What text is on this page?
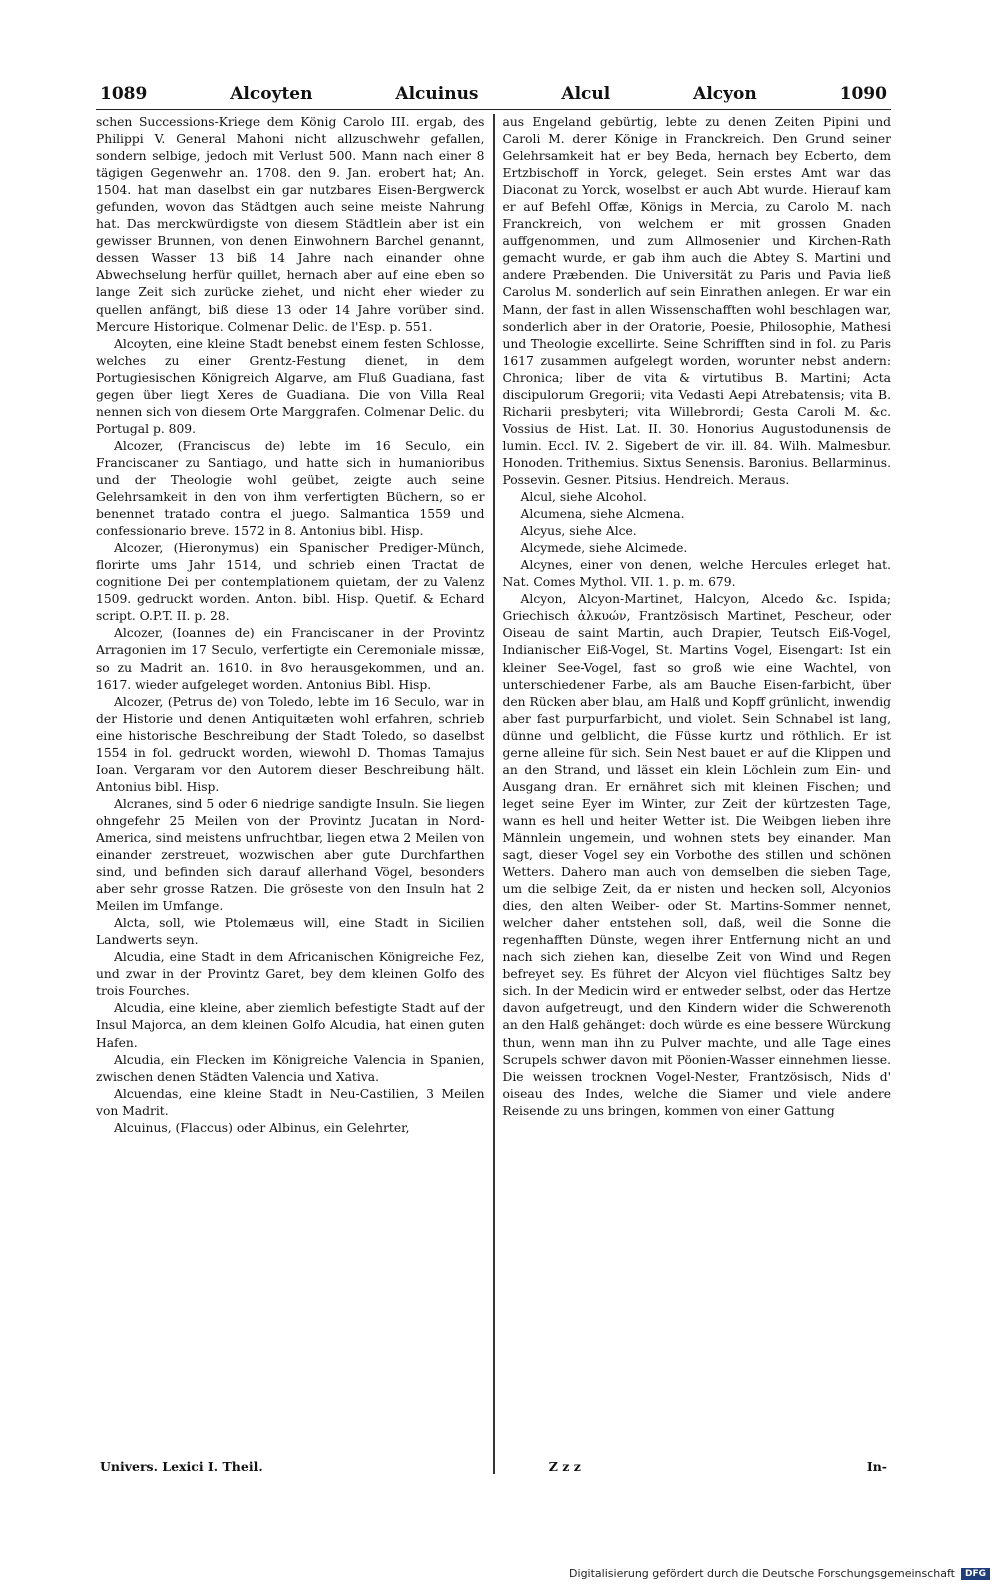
1089	Alcoyten	Alcuinus	Alcul	Alcyon	1090

schen Successions-Kriege dem König Carolo III. ergab, des Philippi V. General Mahoni nicht allzuschwehr gefallen, sondern selbige, jedoch mit Verlust 500. Mann nach einer 8 tägigen Gegenwehr an. 1708. den 9. Jan. erobert hat; An. 1504. hat man daselbst ein gar nutzbares Eisen-Bergwerck gefunden, wovon das Städtgen auch seine meiste Nahrung hat. Das merckwürdigste von diesem Städtlein aber ist ein gewisser Brunnen, von denen Einwohnern Barchel genannt, dessen Wasser 13 biß 14 Jahre nach einander ohne Abwechselung herfür quillet, hernach aber auf eine eben so lange Zeit sich zurücke ziehet, und nicht eher wieder zu quellen anfängt, biß diese 13 oder 14 Jahre vorüber sind. Mercure Historique. Colmenar Delic. de l'Esp. p. 551.

Alcoyten, eine kleine Stadt benebst einem festen Schlosse, welches zu einer Grentz-Festung dienet, in dem Portugiesischen Königreich Algarve, am Fluß Guadiana, fast gegen über liegt Xeres de Guadiana. Die von Villa Real nennen sich von diesem Orte Marggrafen. Colmenar Delic. du Portugal p. 809.

Alcozer, (Franciscus de) lebte im 16 Seculo, ein Franciscaner zu Santiago, und hatte sich in humanioribus und der Theologie wohl geübet, zeigte auch seine Gelehrsamkeit in den von ihm verfertigten Büchern, so er benennet tratado contra el juego. Salmantica 1559 und confessionario breve. 1572 in 8. Antonius bibl. Hisp.

Alcozer, (Hieronymus) ein Spanischer Prediger-Münch, florirte ums Jahr 1514, und schrieb einen Tractat de cognitione Dei per contemplationem quietam, der zu Valenz 1509. gedruckt worden. Anton. bibl. Hisp. Quetif. & Echard script. O.P.T. II. p. 28.

Alcozer, (Ioannes de) ein Franciscaner in der Provintz Arragonien im 17 Seculo, verfertigte ein Ceremoniale missæ, so zu Madrit an. 1610. in 8vo herausgekommen, und an. 1617. wieder aufgeleget worden. Antonius Bibl. Hisp.

Alcozer, (Petrus de) von Toledo, lebte im 16 Seculo, war in der Historie und denen Antiquitæten wohl erfahren, schrieb eine historische Beschreibung der Stadt Toledo, so daselbst 1554 in fol. gedruckt worden, wiewohl D. Thomas Tamajus Ioan. Vergaram vor den Autorem dieser Beschreibung hält. Antonius bibl. Hisp.

Alcranes, sind 5 oder 6 niedrige sandigte Insuln. Sie liegen ohngefehr 25 Meilen von der Provintz Jucatan in Nord-America, sind meistens unfruchtbar, liegen etwa 2 Meilen von einander zerstreuet, wozwischen aber gute Durchfarthen sind, und befinden sich darauf allerhand Vögel, besonders aber sehr grosse Ratzen. Die gröseste von den Insuln hat 2 Meilen im Umfange.

Alcta, soll, wie Ptolemæus will, eine Stadt in Sicilien Landwerts seyn.

Alcudia, eine Stadt in dem Africanischen Königreiche Fez, und zwar in der Provintz Garet, bey dem kleinen Golfo des trois Fourches.

Alcudia, eine kleine, aber ziemlich befestigte Stadt auf der Insul Majorca, an dem kleinen Golfo Alcudia, hat einen guten Hafen.

Alcudia, ein Flecken im Königreiche Valencia in Spanien, zwischen denen Städten Valencia und Xativa.

Alcuendas, eine kleine Stadt in Neu-Castilien, 3 Meilen von Madrit.

Alcuinus, (Flaccus) oder Albinus, ein Gelehrter,

aus Engeland gebürtig, lebte zu denen Zeiten Pipini und Caroli M. derer Könige in Franckreich. Den Grund seiner Gelehrsamkeit hat er bey Beda, hernach bey Ecberto, dem Ertzbischoff in Yorck, geleget. Sein erstes Amt war das Diaconat zu Yorck, woselbst er auch Abt wurde. Hierauf kam er auf Befehl Offæ, Königs in Mercia, zu Carolo M. nach Franckreich, von welchem er mit grossen Gnaden auffgenommen, und zum Allmosenier und Kirchen-Rath gemacht wurde, er gab ihm auch die Abtey S. Martini und andere Præbenden. Die Universität zu Paris und Pavia ließ Carolus M. sonderlich auf sein Einrathen anlegen. Er war ein Mann, der fast in allen Wissenschafften wohl beschlagen war, sonderlich aber in der Oratorie, Poesie, Philosophie, Mathesi und Theologie excellirte. Seine Schrifften sind in fol. zu Paris 1617 zusammen aufgelegt worden, worunter nebst andern: Chronica; liber de vita & virtutibus B. Martini; Acta discipulorum Gregorii; vita Vedasti Aepi Atrebatensis; vita B. Richarii presbyteri; vita Willebrordi; Gesta Caroli M. &c. Vossius de Hist. Lat. II. 30. Honorius Augustodunensis de lumin. Eccl. IV. 2. Sigebert de vir. ill. 84. Wilh. Malmesbur. Honoden. Trithemius. Sixtus Senensis. Baronius. Bellarminus. Possevin. Gesner. Pitsius. Hendreich. Meraus.

Alcul, siehe Alcohol.

Alcumena, siehe Alcmena.

Alcyus, siehe Alce.

Alcymede, siehe Alcimede.

Alcynes, einer von denen, welche Hercules erleget hat. Nat. Comes Mythol. VII. 1. p. m. 679.

Alcyon, Alcyon-Martinet, Halcyon, Alcedo &c. Ispida; Griechisch ἀλκυών, Frantzösisch Martinet, Pescheur, oder Oiseau de saint Martin, auch Drapier, Teutsch Eiß-Vogel, Indianischer Eiß-Vogel, St. Martins Vogel, Eisengart: Ist ein kleiner See-Vogel, fast so groß wie eine Wachtel, von unterschiedener Farbe, als am Bauche Eisen-farbicht, über den Rücken aber blau, am Halß und Kopff grünlicht, inwendig aber fast purpurfarbicht, und violet. Sein Schnabel ist lang, dünne und gelblicht, die Füsse kurtz und röthlich. Er ist gerne alleine für sich. Sein Nest bauet er auf die Klippen und an den Strand, und lässet ein klein Löchlein zum Ein- und Ausgang dran. Er ernähret sich mit kleinen Fischen; und leget seine Eyer im Winter, zur Zeit der kürtzesten Tage, wann es hell und heiter Wetter ist. Die Weibgen lieben ihre Männlein ungemein, und wohnen stets bey einander. Man sagt, dieser Vogel sey ein Vorbothe des stillen und schönen Wetters. Dahero man auch von demselben die sieben Tage, um die selbige Zeit, da er nisten und hecken soll, Alcyonios dies, den alten Weiber- oder St. Martins-Sommer nennet, welcher daher entstehen soll, daß, weil die Sonne die regenhafften Dünste, wegen ihrer Entfernung nicht an und nach sich ziehen kan, dieselbe Zeit von Wind und Regen befreyet sey. Es führet der Alcyon viel flüchtiges Saltz bey sich. In der Medicin wird er entweder selbst, oder das Hertze davon aufgetreugt, und den Kindern wider die Schwerenoth an den Halß gehänget: doch würde es eine bessere Würckung thun, wenn man ihn zu Pulver machte, und alle Tage eines Scrupels schwer davon mit Pöonien-Wasser einnehmen liesse. Die weissen trocknen Vogel-Nester, Frantzösisch, Nids d' oiseau des Indes, welche die Siamer und viele andere Reisende zu uns bringen, kommen von einer Gattung

Univers. Lexici I. Theil.	Z z z	In-
Digitalisierung gefördert durch die Deutsche Forschungsgemeinschaft	DFG
